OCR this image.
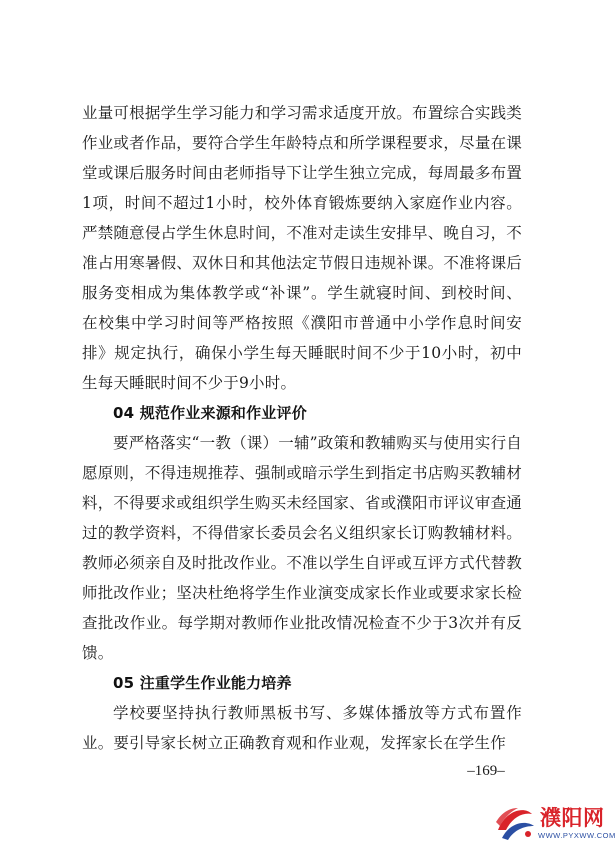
业量可根据学生学习能力和学习需求适度开放。布置综合实践类作业或者作品，要符合学生年龄特点和所学课程要求，尽量在课堂或课后服务时间由老师指导下让学生独立完成，每周最多布置1项，时间不超过1小时，校外体育锻炼要纳入家庭作业内容。严禁随意侵占学生休息时间，不准对走读生安排早、晚自习，不准占用寒暑假、双休日和其他法定节假日违规补课。不准将课后服务变相成为集体教学或“补课”。学生就寝时间、到校时间、在校集中学习时间等严格按照《濮阳市普通中小学作息时间安排》规定执行，确保小学生每天睡眠时间不少于10小时，初中生每天睡眠时间不少于9小时。

04 规范作业来源和作业评价

要严格落实“一教（课）一辅”政策和教辅购买与使用实行自愿原则，不得违规推荐、强制或暗示学生到指定书店购买教辅材料，不得要求或组织学生购买未经国家、省或濮阳市评议审查通过的教学资料，不得借家长委员会名义组织家长订购教辅材料。教师必须亲自及时批改作业。不准以学生自评或互评方式代替教师批改作业；坚决杜绝将学生作业演变成家长作业或要求家长检查批改作业。每学期对教师作业批改情况检查不少于3次并有反馈。

05 注重学生作业能力培养

学校要坚持执行教师黑板书写、多媒体播放等方式布置作业。要引导家长树立正确教育观和作业观，发挥家长在学生作

–169–
濮阳网
WWW.PYXWW.COM
